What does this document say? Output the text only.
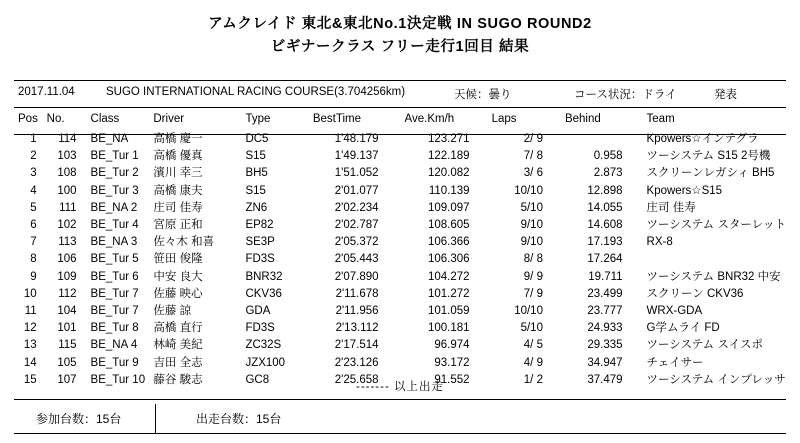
アムクレイド 東北&東北No.1決定戦 IN SUGO ROUND2
ビギナークラス フリー走行1回目 結果
2017.11.04	SUGO INTERNATIONAL RACING COURSE(3.704256km)	天候：曇り	コース状況：ドライ	発表
Pos	No.	Class	Driver	Type	BestTime	Ave.Km/h	Laps	Behind	Team
1	114	BE_NA	高橋 慶一	DC5	1'48.179	123.271	2/ 9		Kpowers☆インテグラ
2	103	BE_Tur 1	高橋 優真	S15	1'49.137	122.189	7/ 8	0.958	ツーシステム S15 2号機
3	108	BE_Tur 2	濱川 幸三	BH5	1'51.052	120.082	3/ 6	2.873	スクリーンレガシィ BH5
4	100	BE_Tur 3	高橋 康夫	S15	2'01.077	110.139	10/10	12.898	Kpowers☆S15
5	111	BE_NA 2	庄司 佳寿	ZN6	2'02.234	109.097	5/10	14.055	庄司 佳寿
6	102	BE_Tur 4	宮原 正和	EP82	2'02.787	108.605	9/10	14.608	ツーシステム スターレット
7	113	BE_NA 3	佐々木 和喜	SE3P	2'05.372	106.366	9/10	17.193	RX-8
8	106	BE_Tur 5	笹田 俊隆	FD3S	2'05.443	106.306	8/ 8	17.264	
9	109	BE_Tur 6	中安 良大	BNR32	2'07.890	104.272	9/ 9	19.711	ツーシステム BNR32 中安
10	112	BE_Tur 7	佐藤 映心	CKV36	2'11.678	101.272	7/ 9	23.499	スクリーン CKV36
11	104	BE_Tur 7	佐藤 諒	GDA	2'11.956	101.059	10/10	23.777	WRX-GDA
12	101	BE_Tur 8	高橋 直行	FD3S	2'13.112	100.181	5/10	24.933	G学ムライ FD
13	115	BE_NA 4	林崎 美紀	ZC32S	2'17.514	96.974	4/ 5	29.335	ツーシステム スイスポ
14	105	BE_Tur 9	吉田 全志	JZX100	2'23.126	93.172	4/ 9	34.947	チェイサー
15	107	BE_Tur 10	藤谷 駿志	GC8	2'25.658	91.552	1/ 2	37.479	ツーシステム インプレッサ
------- 以上出走
参加台数：15台	出走台数：15台
